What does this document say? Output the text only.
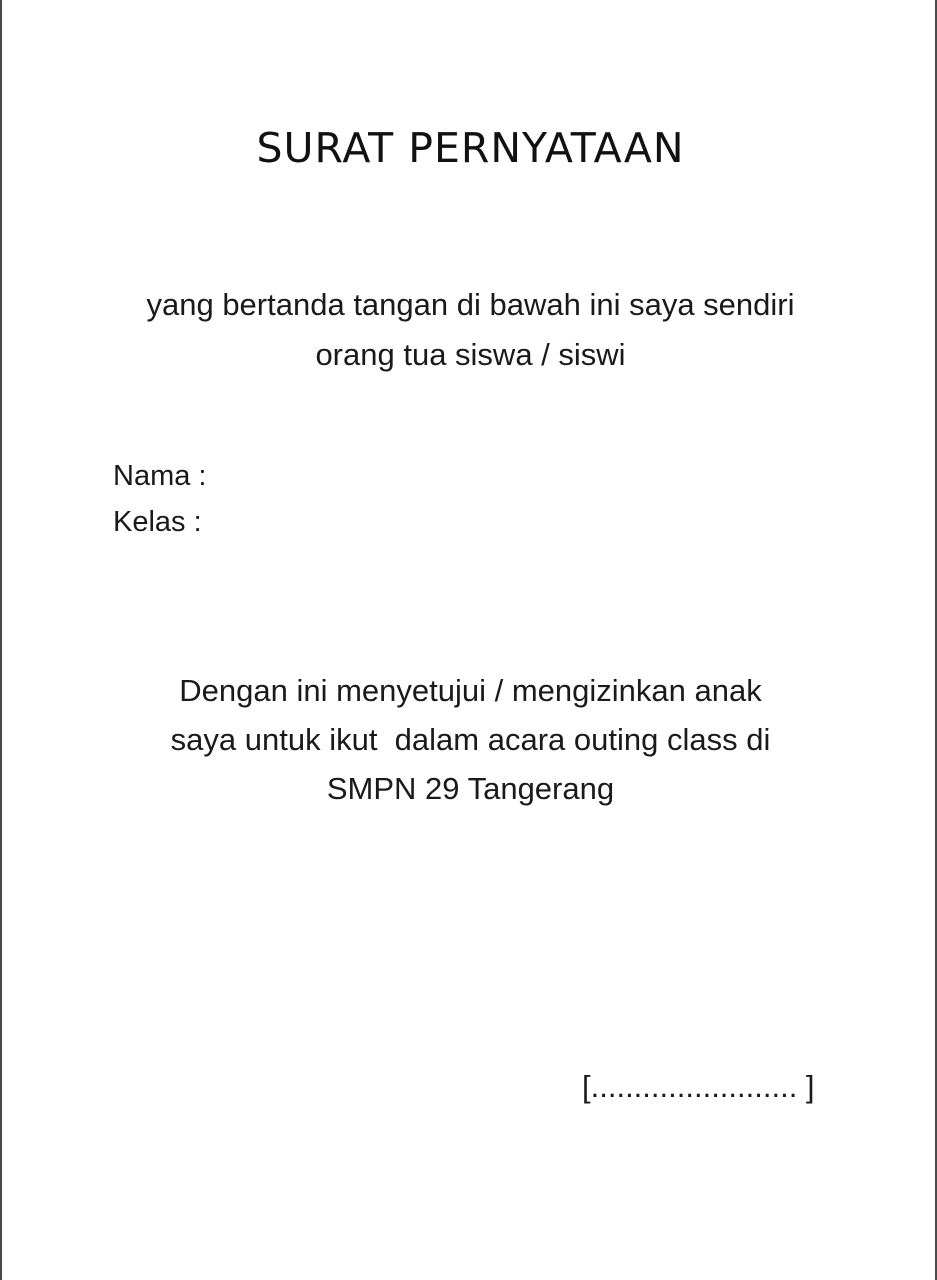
SURAT PERNYATAAN
yang bertanda tangan di bawah ini saya sendiri
orang tua siswa / siswi
Nama :
Kelas :
Dengan ini menyetujui / mengizinkan anak
saya untuk ikut  dalam acara outing class di
SMPN 29 Tangerang
[........................ ]
